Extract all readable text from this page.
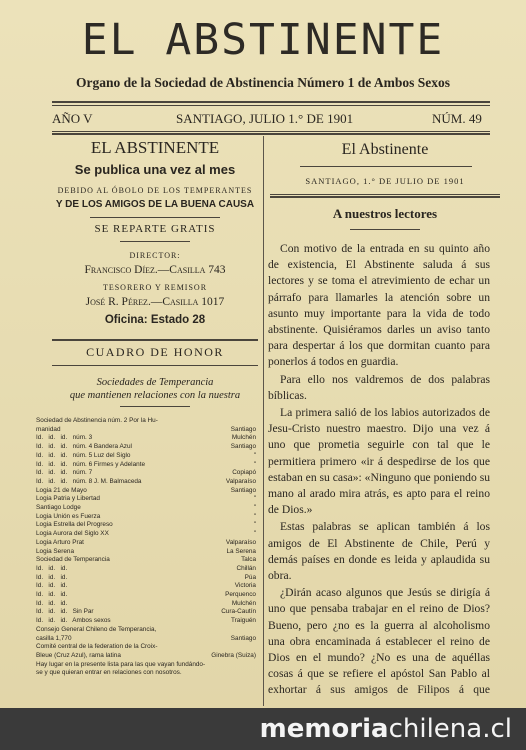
EL ABSTINENTE
Organo de la Sociedad de Abstinencia Número 1 de Ambos Sexos
AÑO V	SANTIAGO, JULIO 1.° DE 1901	NÚM. 49
EL ABSTINENTE
Se publica una vez al mes
DEBIDO AL ÓBOLO DE LOS TEMPERANTES
Y DE LOS AMIGOS DE LA BUENA CAUSA
SE REPARTE GRATIS
DIRECTOR:
Francisco Díez.—Casilla 743
TESORERO Y REMISOR
José R. Pérez.—Casilla 1017
Oficina: Estado 28
CUADRO DE HONOR
Sociedades de Temperancia
que mantienen relaciones con la nuestra
Sociedad de Abstinencia núm. 2 Por la Hu-	
manidad	Santiago
Id.   id.   id.   núm. 3	Mulchén
Id.   id.   id.   núm. 4 Bandera Azul	Santiago
Id.   id.   id.   núm. 5 Luz del Siglo	"
Id.   id.   id.   núm. 6 Firmes y Adelante	"
Id.   id.   id.   núm. 7	Copiapó
Id.   id.   id.   núm. 8 J. M. Balmaceda	Valparaíso
Logia 21 de Mayo	Santiago
Logia Patria y Libertad	"
Santiago Lodge	"
Logia Unión es Fuerza	"
Logia Estrella del Progreso	"
Logia Aurora del Siglo XX	"
Logia Arturo Prat	Valparaíso
Logia Serena	La Serena
Sociedad de Temperancia	Talca
Id.   id.   id.	Chillán
Id.   id.   id.	Púa
Id.   id.   id.	Victoria
Id.   id.   id.	Perquenco
Id.   id.   id.	Mulchén
Id.   id.   id.   Sin Par	Cura-Cautín
Id.   id.   id.   Ambos sexos	Traiguén
Consejo General Chileno de Temperancia,	
casilla 1,770	Santiago
Comité central de la federation de la Croix-	
Bleue (Cruz Azul), rama latina	Ginebra (Suiza)
Hay lugar en la presente lista para las que vayan fundándo-	
se y que quieran entrar en relaciones con nosotros.	
El Abstinente
SANTIAGO, 1.° DE JULIO DE 1901
A nuestros lectores

Con motivo de la entrada en su quinto año de existencia, El Abstinente saluda á sus lectores y se toma el atrevimiento de echar un párrafo para llamarles la atención sobre un asunto muy importante para la vida de todo abstinente. Quisiéramos darles un aviso tanto para despertar á los que dormitan cuanto para ponerlos á todos en guardia.

Para ello nos valdremos de dos palabras bíblicas.

La primera salió de los labios autorizados de Jesu-Cristo nuestro maestro. Dijo una vez á uno que prometia seguirle con tal que le permitiera primero «ir á despedirse de los que estaban en su casa»: «Ninguno que poniendo su mano al arado mira atrás, es apto para el reino de Dios.»

Estas palabras se aplican también á los amigos de El Abstinente de Chile, Perú y demás países en donde es leida y aplaudida su obra.

¿Dirán acaso algunos que Jesús se dirigía á uno que pensaba trabajar en el reino de Dios? Bueno, pero ¿no es la guerra al alcoholismo una obra encaminada á establecer el reino de Dios en el mundo? ¿No es una de aquéllas cosas á que se refiere el apóstol San Pablo al exhortar á sus amigos de Filipos á que

memoriachilena.cl
